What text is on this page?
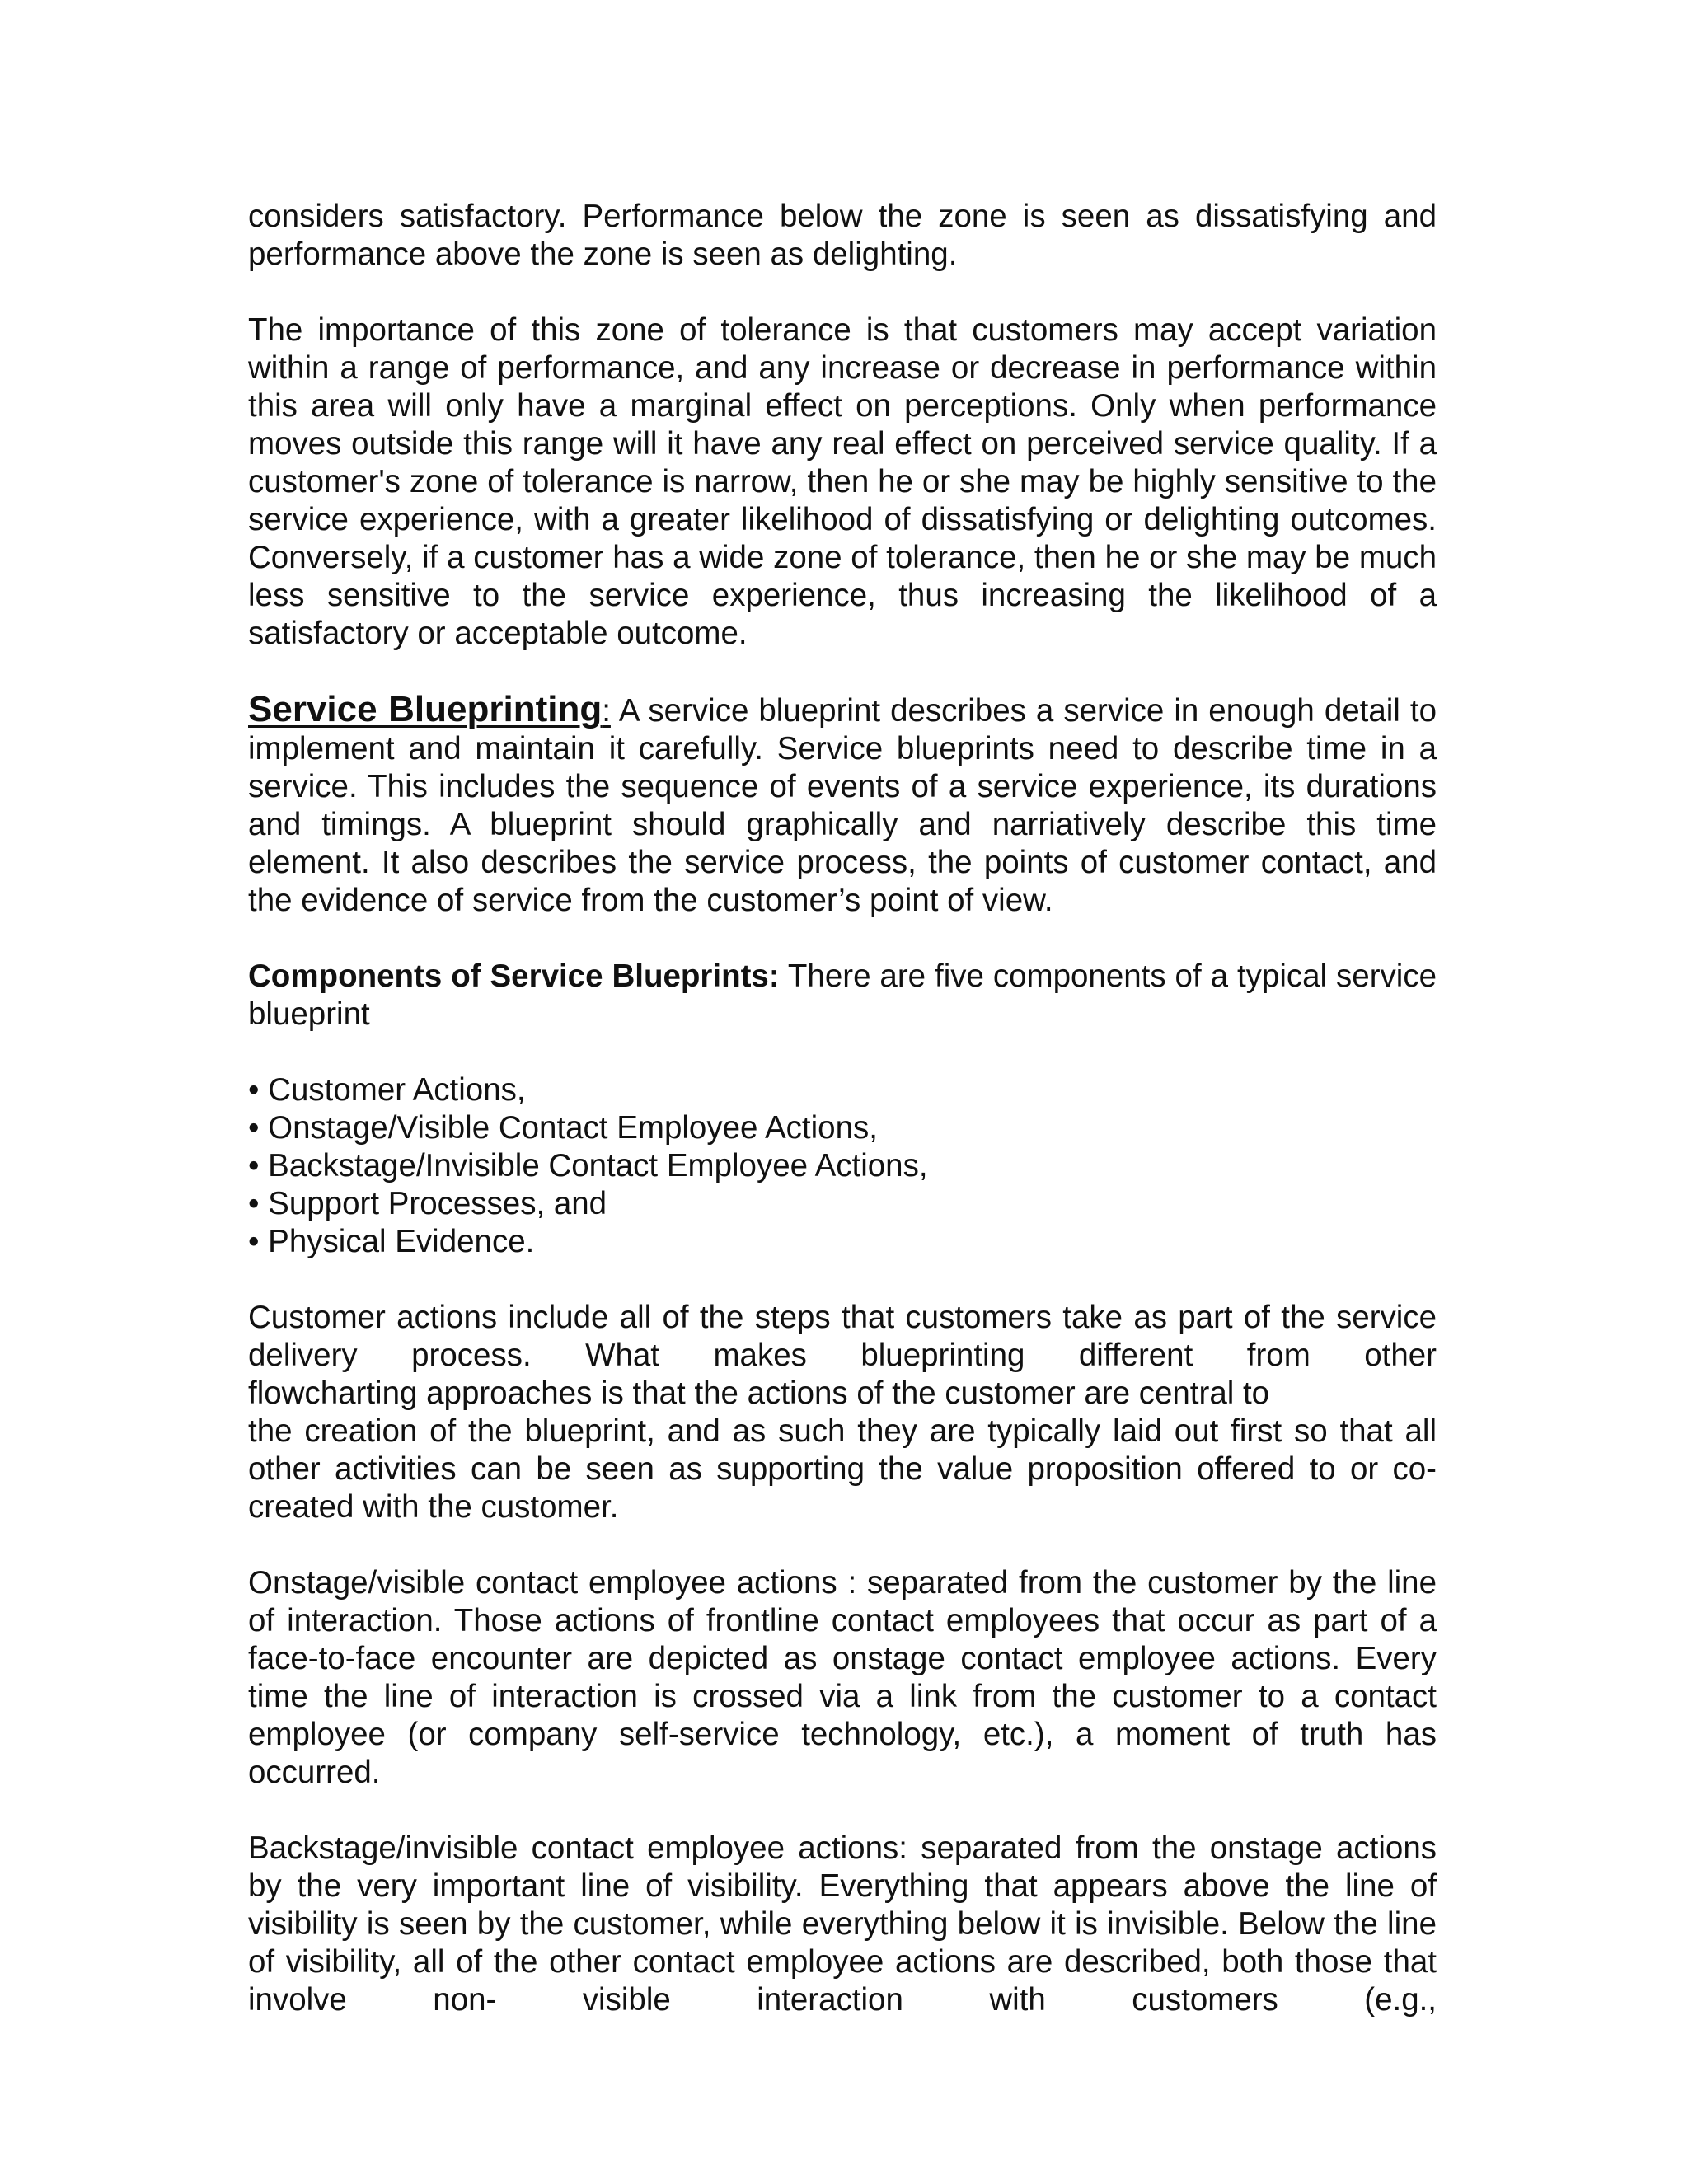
considers satisfactory. Performance below the zone is seen as dissatisfying and performance above the zone is seen as delighting.

The importance of this zone of tolerance is that customers may accept variation within a range of performance, and any increase or decrease in performance within this area will only have a marginal effect on perceptions. Only when performance moves outside this range will it have any real effect on perceived service quality. If a customer's zone of tolerance is narrow, then he or she may be highly sensitive to the service experience, with a greater likelihood of dissatisfying or delighting outcomes. Conversely, if a customer has a wide zone of tolerance, then he or she may be much less sensitive to the service experience, thus increasing the likelihood of a satisfactory or acceptable outcome.

Service Blueprinting: A service blueprint describes a service in enough detail to implement and maintain it carefully. Service blueprints need to describe time in a service. This includes the sequence of events of a service experience, its durations and timings. A blueprint should graphically and narriatively describe this time element. It also describes the service process, the points of customer contact, and the evidence of service from the customer’s point of view.

Components of Service Blueprints: There are five components of a typical service blueprint

• Customer Actions,
• Onstage/Visible Contact Employee Actions,
• Backstage/Invisible Contact Employee Actions,
• Support Processes, and
• Physical Evidence.
Customer actions include all of the steps that customers take as part of the service delivery process. What makes blueprinting different from other
flowcharting approaches is that the actions of the customer are central to
the creation of the blueprint, and as such they are typically laid out first so that all other activities can be seen as supporting the value proposition offered to or co-created with the customer.

Onstage/visible contact employee actions : separated from the customer by the line of interaction. Those actions of frontline contact employees that occur as part of a face-to-face encounter are depicted as onstage contact employee actions. Every time the line of interaction is crossed via a link from the customer to a contact employee (or company self-service technology, etc.), a moment of truth has occurred.

Backstage/invisible contact employee actions: separated from the onstage actions by the very important line of visibility. Everything that appears above the line of visibility is seen by the customer, while everything below it is invisible. Below the line of visibility, all of the other contact employee actions are described, both those that involve non- visible interaction with customers (e.g.,
